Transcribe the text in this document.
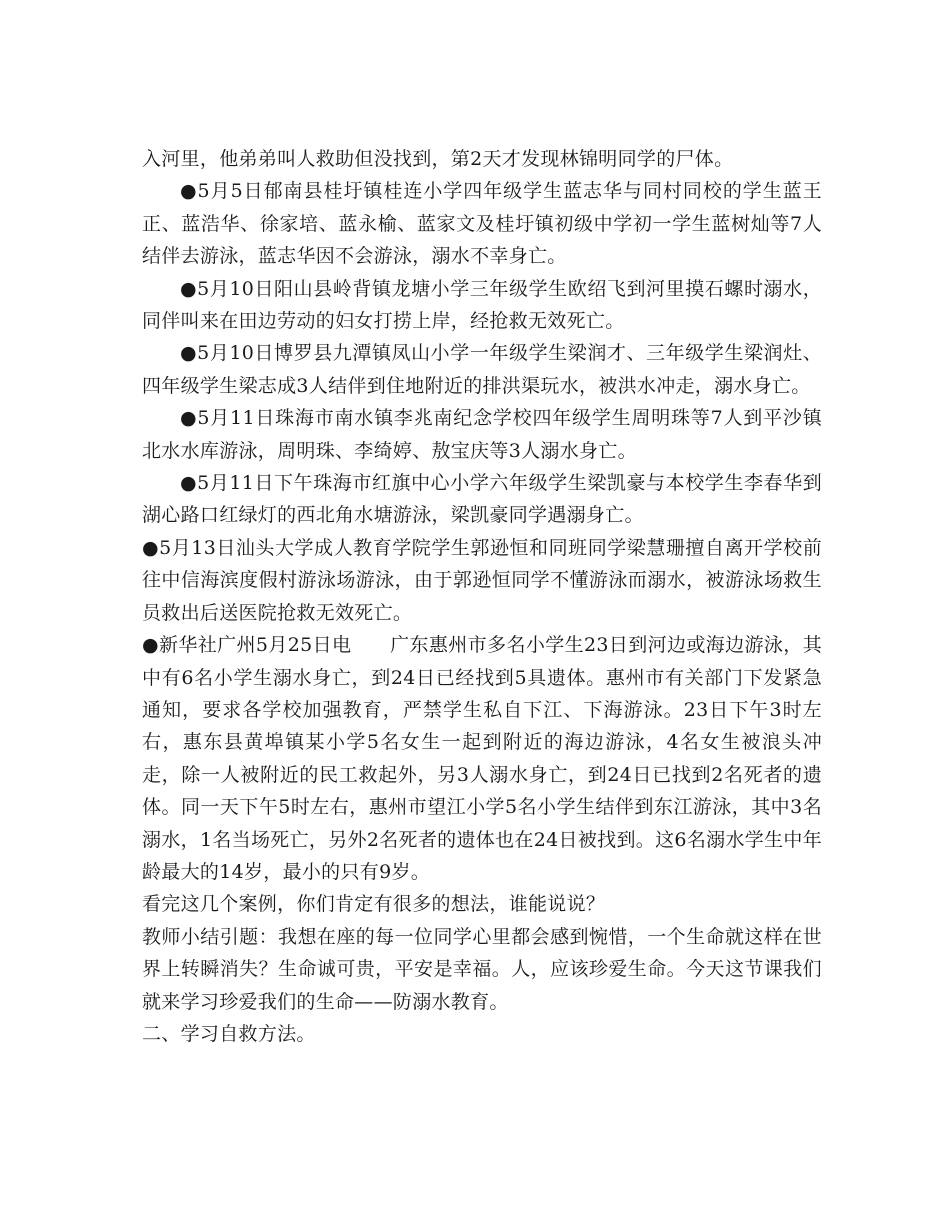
入河里，他弟弟叫人救助但没找到，第2天才发现林锦明同学的尸体。

●5月5日郁南县桂圩镇桂连小学四年级学生蓝志华与同村同校的学生蓝王正、蓝浩华、徐家培、蓝永榆、蓝家文及桂圩镇初级中学初一学生蓝树灿等7人结伴去游泳，蓝志华因不会游泳，溺水不幸身亡。

●5月10日阳山县岭背镇龙塘小学三年级学生欧绍飞到河里摸石螺时溺水，同伴叫来在田边劳动的妇女打捞上岸，经抢救无效死亡。

●5月10日博罗县九潭镇凤山小学一年级学生梁润才、三年级学生梁润灶、四年级学生梁志成3人结伴到住地附近的排洪渠玩水，被洪水冲走，溺水身亡。

●5月11日珠海市南水镇李兆南纪念学校四年级学生周明珠等7人到平沙镇北水水库游泳，周明珠、李绮婷、敖宝庆等3人溺水身亡。

●5月11日下午珠海市红旗中心小学六年级学生梁凯豪与本校学生李春华到湖心路口红绿灯的西北角水塘游泳，梁凯豪同学遇溺身亡。

●5月13日汕头大学成人教育学院学生郭逊恒和同班同学梁慧珊擅自离开学校前往中信海滨度假村游泳场游泳，由于郭逊恒同学不懂游泳而溺水，被游泳场救生员救出后送医院抢救无效死亡。

●新华社广州5月25日电　　广东惠州市多名小学生23日到河边或海边游泳，其中有6名小学生溺水身亡，到24日已经找到5具遗体。惠州市有关部门下发紧急通知，要求各学校加强教育，严禁学生私自下江、下海游泳。23日下午3时左右，惠东县黄埠镇某小学5名女生一起到附近的海边游泳，4名女生被浪头冲走，除一人被附近的民工救起外，另3人溺水身亡，到24日已找到2名死者的遗体。同一天下午5时左右，惠州市望江小学5名小学生结伴到东江游泳，其中3名溺水，1名当场死亡，另外2名死者的遗体也在24日被找到。这6名溺水学生中年龄最大的14岁，最小的只有9岁。

看完这几个案例，你们肯定有很多的想法，谁能说说？

教师小结引题：我想在座的每一位同学心里都会感到惋惜，一个生命就这样在世界上转瞬消失？生命诚可贵，平安是幸福。人，应该珍爱生命。今天这节课我们就来学习珍爱我们的生命——防溺水教育。

二、学习自救方法。
